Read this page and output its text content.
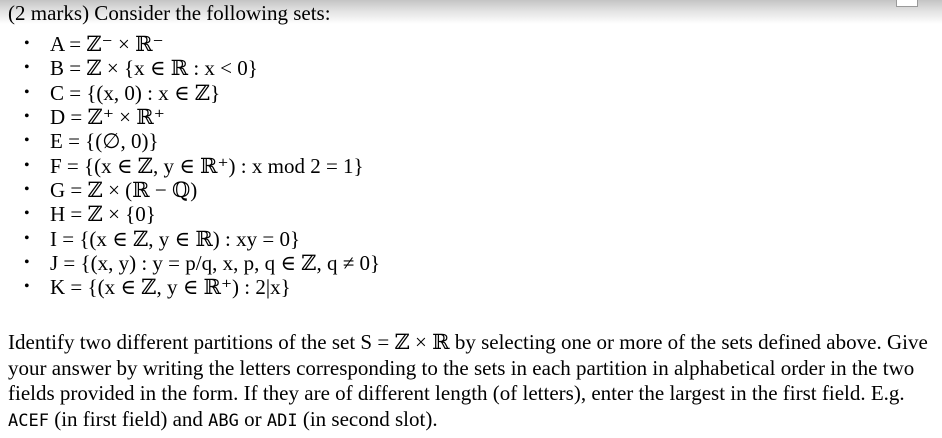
(2 marks) Consider the following sets:
• A = ℤ⁻ × ℝ⁻
• B = ℤ × {x ∈ ℝ : x < 0}
• C = {(x, 0) : x ∈ ℤ}
• D = ℤ⁺ × ℝ⁺
• E = {(∅, 0)}
• F = {(x ∈ ℤ, y ∈ ℝ⁺) : x mod 2 = 1}
• G = ℤ × (ℝ − ℚ)
• H = ℤ × {0}
• I = {(x ∈ ℤ, y ∈ ℝ) : xy = 0}
• J = {(x, y) : y = p/q, x, p, q ∈ ℤ, q ≠ 0}
• K = {(x ∈ ℤ, y ∈ ℝ⁺) : 2|x}

Identify two different partitions of the set S = ℤ × ℝ by selecting one or more of the sets defined above. Give your answer by writing the letters corresponding to the sets in each partition in alphabetical order in the two fields provided in the form. If they are of different length (of letters), enter the largest in the first field. E.g. ACEF (in first field) and ABG or ADI (in second slot).
